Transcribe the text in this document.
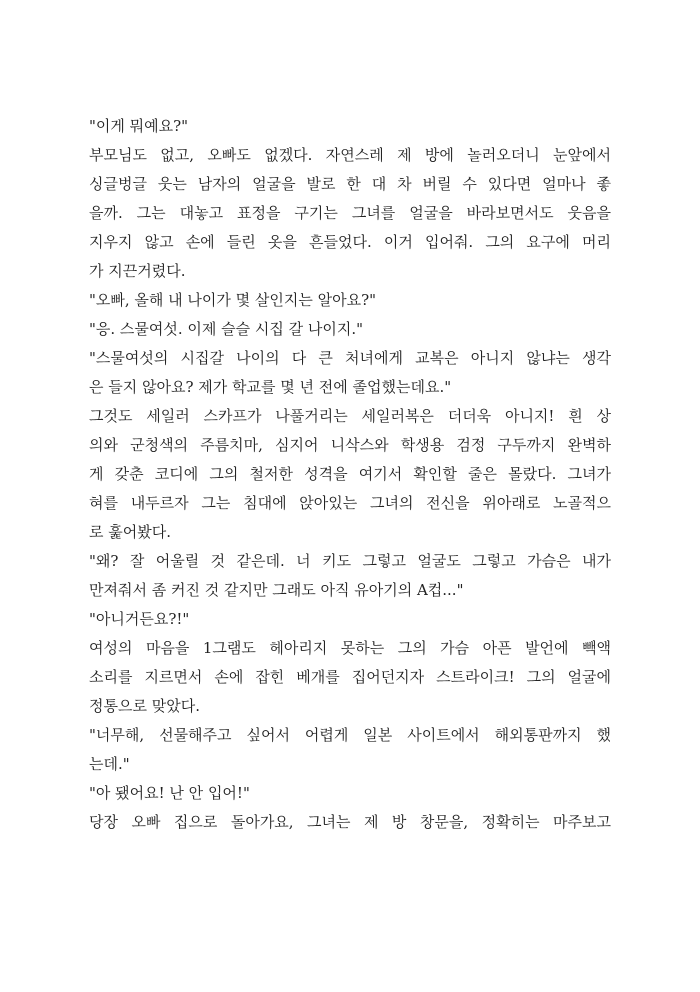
"이게 뭐예요?"
부모님도 없고, 오빠도 없겠다. 자연스레 제 방에 놀러오더니 눈앞에서
싱글벙글 웃는 남자의 얼굴을 발로 한 대 차 버릴 수 있다면 얼마나 좋
을까. 그는 대놓고 표정을 구기는 그녀를 얼굴을 바라보면서도 웃음을
지우지 않고 손에 들린 옷을 흔들었다. 이거 입어줘. 그의 요구에 머리
가 지끈거렸다.
"오빠, 올해 내 나이가 몇 살인지는 알아요?"
"응. 스물여섯. 이제 슬슬 시집 갈 나이지."
"스물여섯의 시집갈 나이의 다 큰 처녀에게 교복은 아니지 않냐는 생각
은 들지 않아요? 제가 학교를 몇 년 전에 졸업했는데요."
그것도 세일러 스카프가 나풀거리는 세일러복은 더더욱 아니지! 흰 상
의와 군청색의 주름치마, 심지어 니삭스와 학생용 검정 구두까지 완벽하
게 갖춘 코디에 그의 철저한 성격을 여기서 확인할 줄은 몰랐다. 그녀가
혀를 내두르자 그는 침대에 앉아있는 그녀의 전신을 위아래로 노골적으
로 훑어봤다.
"왜? 잘 어울릴 것 같은데. 너 키도 그렇고 얼굴도 그렇고 가슴은 내가
만져줘서 좀 커진 것 같지만 그래도 아직 유아기의 A컵..."
"아니거든요?!"
여성의 마음을 1그램도 헤아리지 못하는 그의 가슴 아픈 발언에 빽액
소리를 지르면서 손에 잡힌 베개를 집어던지자 스트라이크! 그의 얼굴에
정통으로 맞았다.
"너무해, 선물해주고 싶어서 어렵게 일본 사이트에서 해외통판까지 했
는데."
"아 됐어요! 난 안 입어!"
당장 오빠 집으로 돌아가요, 그녀는 제 방 창문을, 정확히는 마주보고
